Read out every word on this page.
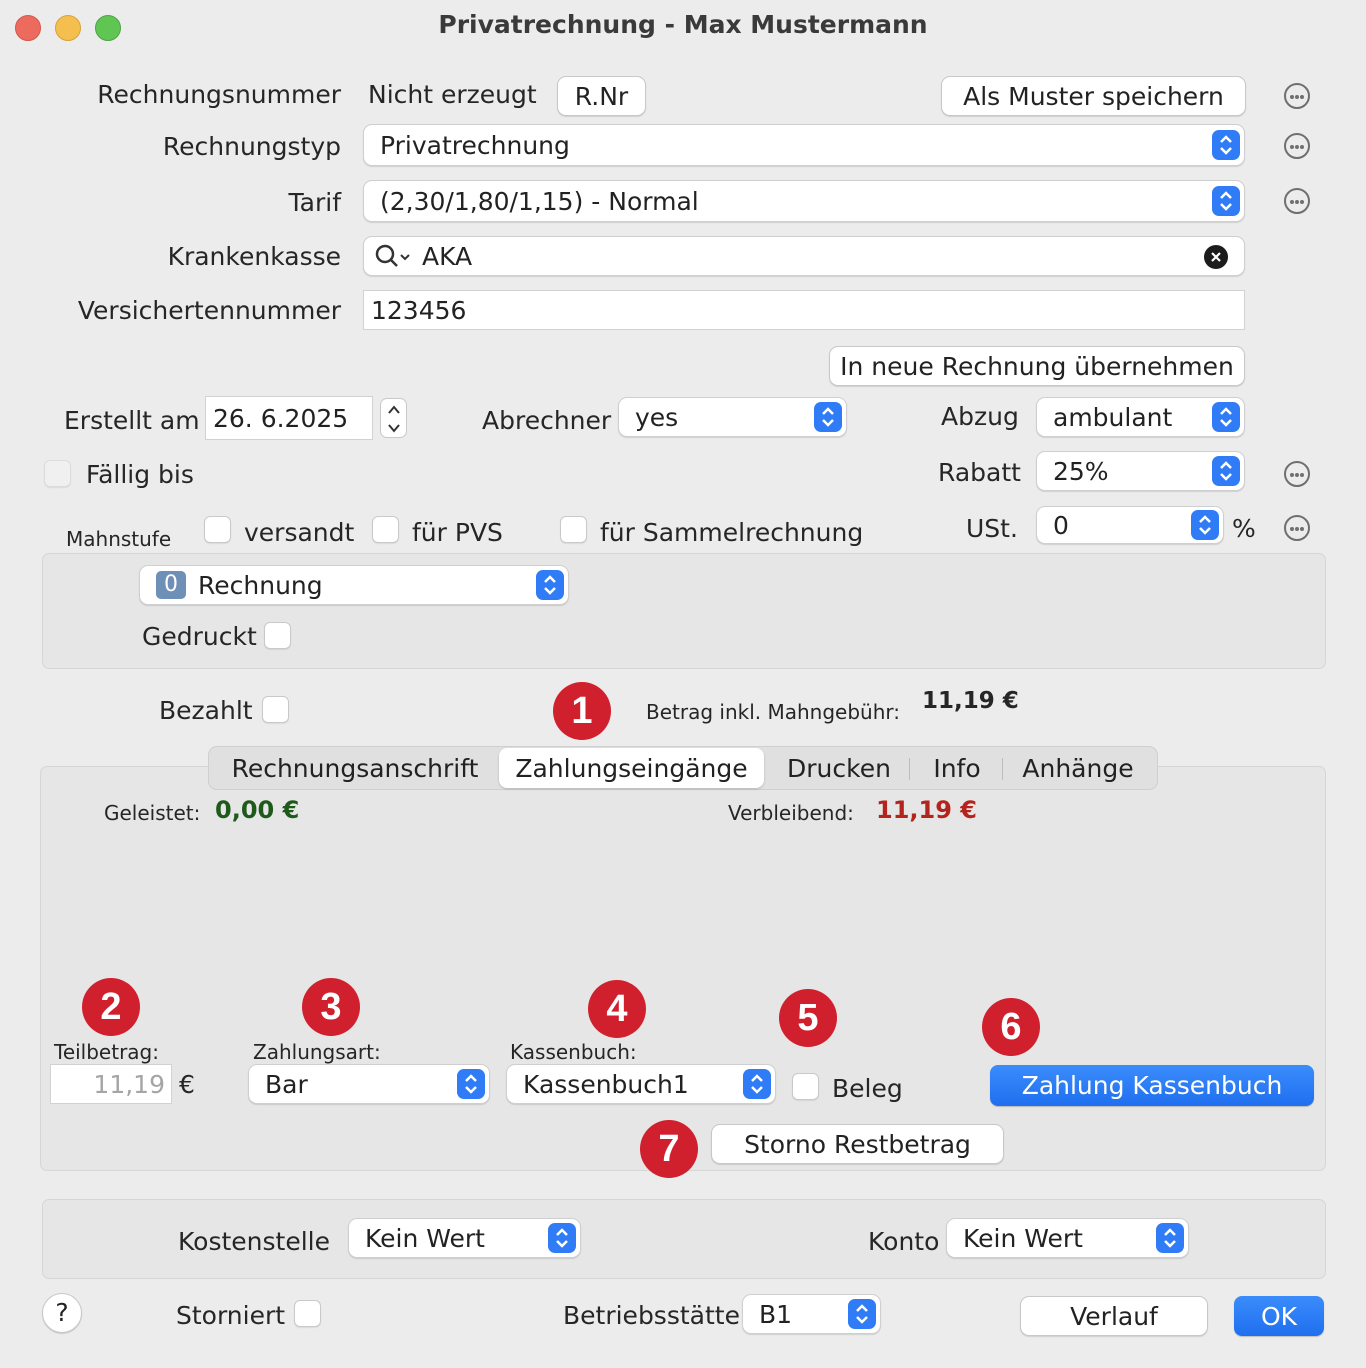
Privatrechnung - Max Mustermann
Rechnungsnummer Nicht erzeugt	R.Nr	Als Muster speichern
Rechnungstyp Privatrechnung
Tarif (2,30/1,80/1,15) - Normal
Krankenkasse	AKA
Versichertennummer	123456
In neue Rechnung übernehmen
Erstellt am 26. 6.2025	Abrechner yes	Abzug ambulant
Fällig bis	Rabatt 25%
Mahnstufe	versandt für PVS	für Sammelrechnung	USt. 0	%
0 Rechnung
Gedruckt
Bezahlt	Betrag inkl. Mahngebühr: 11,19 €
Rechnungsanschrift	Zahlungseingänge	Drucken	Info	Anhänge
Geleistet: 0,00 €	Verbleibend: 11,19 €
Teilbetrag:
11,19 €
Zahlungsart:
Bar
Kassenbuch:
Kassenbuch1	Beleg	Zahlung Kassenbuch
Storno Restbetrag
1
2	3	4	5	6
7
Kostenstelle Kein Wert	Konto Kein Wert
?	Storniert	Betriebsstätte B1	Verlauf	OK
